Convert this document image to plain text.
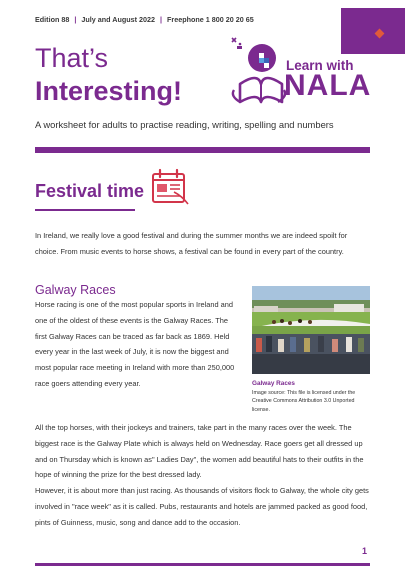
Edition 88 | July and August 2022 | Freephone 1 800 20 20 65
That’s
Interesting!
Learn with
NALA
A worksheet for adults to practise reading, writing, spelling and numbers
Festival time
In Ireland, we really love a good festival and during the summer months we are indeed spoilt for choice. From music events to horse shows, a festival can be found in every part of the country.
Galway Races
Horse racing is one of the most popular sports in Ireland and one of the oldest of these events is the Galway Races. The first Galway Races can be traced as far back as 1869. Held every year in the last week of July, it is now the biggest and most popular race meeting in Ireland with more than 250,000 race goers attending every year.	Galway Races
Image source: This file is licensed under the Creative Commons Attribution 3.0 Unported license.

All the top horses, with their jockeys and trainers, take part in the many races over the week. The biggest race is the Galway Plate which is always held on Wednesday. Race goers get all dressed up and on Thursday which is known as" Ladies Day", the women add beautiful hats to their outfits in the hope of winning the prize for the best dressed lady.

However, it is about more than just racing. As thousands of visitors flock to Galway, the whole city gets involved in "race week" as it is called. Pubs, restaurants and hotels are jammed packed as good food, pints of Guinness, music, song and dance add to the occasion.

1
